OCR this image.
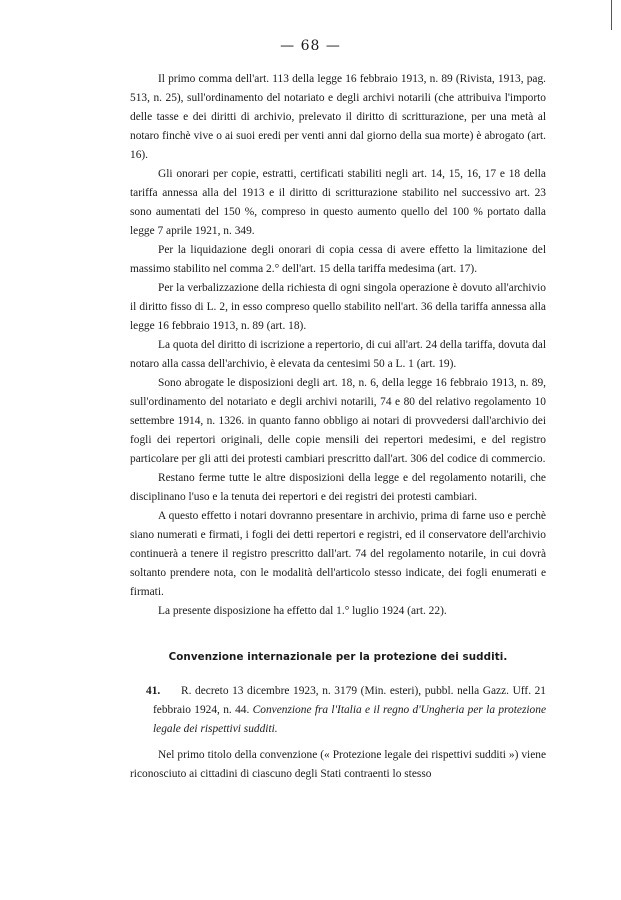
— 68 —

Il primo comma dell'art. 113 della legge 16 febbraio 1913, n. 89 (Rivista, 1913, pag. 513, n. 25), sull'ordinamento del notariato e degli archivi notarili (che attribuiva l'importo delle tasse e dei diritti di archivio, prelevato il diritto di scritturazione, per una metà al notaro finchè vive o ai suoi eredi per venti anni dal giorno della sua morte) è abrogato (art. 16).

Gli onorari per copie, estratti, certificati stabiliti negli art. 14, 15, 16, 17 e 18 della tariffa annessa alla del 1913 e il diritto di scritturazione stabilito nel successivo art. 23 sono aumentati del 150 %, compreso in questo aumento quello del 100 % portato dalla legge 7 aprile 1921, n. 349.

Per la liquidazione degli onorari di copia cessa di avere effetto la limitazione del massimo stabilito nel comma 2.° dell'art. 15 della tariffa medesima (art. 17).

Per la verbalizzazione della richiesta di ogni singola operazione è dovuto all'archivio il diritto fisso di L. 2, in esso compreso quello stabilito nell'art. 36 della tariffa annessa alla legge 16 febbraio 1913, n. 89 (art. 18).

La quota del diritto di iscrizione a repertorio, di cui all'art. 24 della tariffa, dovuta dal notaro alla cassa dell'archivio, è elevata da centesimi 50 a L. 1 (art. 19).

Sono abrogate le disposizioni degli art. 18, n. 6, della legge 16 febbraio 1913, n. 89, sull'ordinamento del notariato e degli archivi notarili, 74 e 80 del relativo regolamento 10 settembre 1914, n. 1326. in quanto fanno obbligo ai notari di provvedersi dall'archivio dei fogli dei repertori originali, delle copie mensili dei repertori medesimi, e del registro particolare per gli atti dei protesti cambiari prescritto dall'art. 306 del codice di commercio.

Restano ferme tutte le altre disposizioni della legge e del regolamento notarili, che disciplinano l'uso e la tenuta dei repertori e dei registri dei protesti cambiari.

A questo effetto i notari dovranno presentare in archivio, prima di farne uso e perchè siano numerati e firmati, i fogli dei detti repertori e registri, ed il conservatore dell'archivio continuerà a tenere il registro prescritto dall'art. 74 del regolamento notarile, in cui dovrà soltanto prendere nota, con le modalità dell'articolo stesso indicate, dei fogli enumerati e firmati.

La presente disposizione ha effetto dal 1.° luglio 1924 (art. 22).

Convenzione internazionale per la protezione dei sudditi.

41. R. decreto 13 dicembre 1923, n. 3179 (Min. esteri), pubbl. nella Gazz. Uff. 21 febbraio 1924, n. 44. Convenzione fra l'Italia e il regno d'Ungheria per la protezione legale dei rispettivi sudditi.

Nel primo titolo della convenzione (« Protezione legale dei rispettivi sudditi ») viene riconosciuto ai cittadini di ciascuno degli Stati contraenti lo stesso
